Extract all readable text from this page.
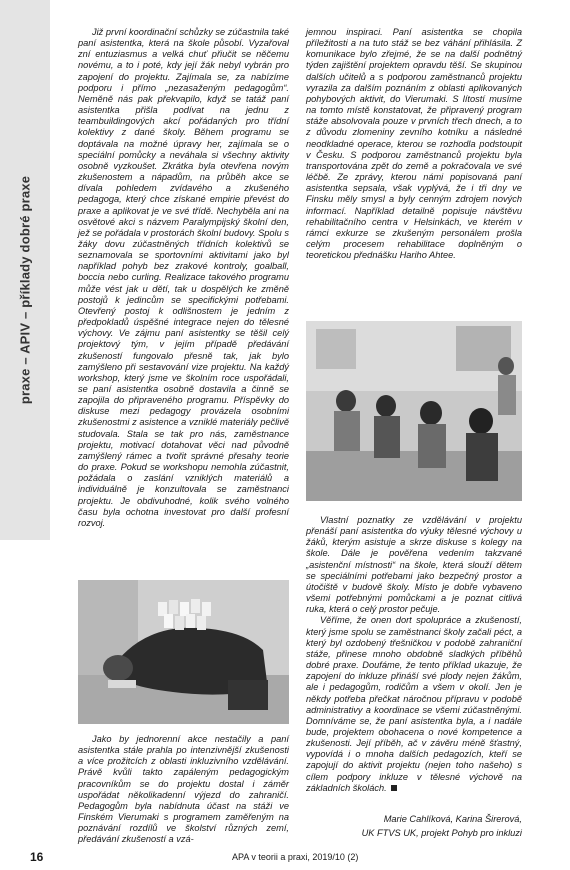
praxe – APIV – příklady dobré praxe

Již první koordinační schůzky se zúčastnila také paní asistentka, která na škole působí. Vyzařoval zní entuziasmus a velká chuť přiučit se něčemu novému, a to i poté, kdy její žák nebyl vybrán pro zapojení do projektu. Zajímala se, za nabízíme podporu i přímo „nezasaženým pedagogům“. Neměně nás pak překvapilo, když se tatáž paní asistentka přišla podívat na jednu z teambuildingových akcí pořádaných pro třídní kolektivy z dané školy. Během programu se doptávala na možné úpravy her, zajímala se o speciální pomůcky a neváhala si všechny aktivity osobně vyzkoušet. Zkrátka byla otevřena novým zkušenostem a nápadům, na průběh akce se dívala pohledem zvídavého a zkušeného pedagoga, který chce získané empirie převést do praxe a aplikovat je ve své třídě. Nechyběla ani na osvětové akci s názvem Paralympijský školní den, jež se pořádala v prostorách školní budovy. Spolu s žáky dovu zúčastněných třídních kolektivů se seznamovala se sportovními aktivitami jako byl například pohyb bez zrakové kontroly, goalball, boccia nebo curling. Realizace takového programu může vést jak u dětí, tak u dospělých ke změně postojů k jedincům se specifickými potřebami. Otevřený postoj k odlišnostem je jedním z předpokladů úspěšné integrace nejen do tělesné výchovy. Ve zájmu paní asistentky se těšil celý projektový tým, v jejím případě předávání zkušeností fungovalo přesně tak, jak bylo zamýšleno při sestavování vize projektu. Na každý workshop, který jsme ve školním roce uspořádali, se paní asistentka osobně dostavila a činně se zapojila do připraveného programu. Příspěvky do diskuse mezi pedagogy provázela osobními zkušenostmi z asistence a vzniklé materiály pečlivě studovala. Stala se tak pro nás, zaměstnance projektu, motivací dotahovat věci nad původně zamýšlený rámec a tvořit správné přesahy teorie do praxe. Pokud se workshopu nemohla zúčastnit, požádala o zaslání vzniklých materiálů a individuálně je konzultovala se zaměstnanci projektu. Je obdivuhodné, kolik svého volného času byla ochotna investovat pro další profesní rozvoj.

Jako by jednorenní akce nestačily a paní asistentka stále prahla po intenzivnější zkušenosti a více prožitcích z oblasti inkluzivního vzdělávání. Právě kvůli takto zapáleným pedagogickým pracovníkům se do projektu dostal i záměr uspořádat několikadenní výjezd do zahraničí. Pedagogům byla nabídnuta účast na stáži ve Finském Vierumaki s programem zaměřeným na poznávání rozdílů ve školství různých zemí, předávání zkušeností a vzá-

jemnou inspiraci. Paní asistentka se chopila příležitosti a na tuto stáž se bez váhání přihlásila. Z komunikace bylo zřejmé, že se na další podnětný týden zajištění projektem opravdu těší. Se skupinou dalších učitelů a s podporou zaměstnanců projektu vyrazila za dalším poznáním z oblasti aplikovaných pohybových aktivit, do Vierumaki. S lítostí musíme na tomto místě konstatovat, že připravený program stáže absolvovala pouze v prvních třech dnech, a to z důvodu zlomeniny zevního kotníku a následné neodkladné operace, kterou se rozhodla podstoupit v Česku. S podporou zaměstnanců projektu byla transportována zpět do země a pokračovala ve své léčbě. Ze zprávy, kterou námi popisovaná paní asistentka sepsala, však vyplývá, že i tři dny ve Finsku měly smysl a byly cenným zdrojem nových informací. Například detailně popisuje návštěvu rehabilitačního centra v Helsinkách, ve kterém v rámci exkurze se zkušeným personálem prošla celým procesem rehabilitace doplněným o teoretickou přednášku Hariho Ahtee.

Vlastní poznatky ze vzdělávání v projektu přenáší paní asistentka do výuky tělesné výchovy u žáků, kterým asistuje a skrze diskuse s kolegy na škole. Dále je pověřena vedením takzvané „asistenční místnosti“ na škole, která slouží dětem se speciálními potřebami jako bezpečný prostor a útočiště v budově školy. Místo je dobře vybaveno všemi potřebnými pomůckami a je poznat citlivá ruka, která o celý prostor pečuje.

Věříme, že onen dort spolupráce a zkušeností, který jsme spolu se zaměstnanci školy začali péct, a který byl ozdobený třešničkou v podobě zahraniční stáže, přinese mnoho obdobně sladkých příběhů dobré praxe. Doufáme, že tento příklad ukazuje, že zapojení do inkluze přináší své plody nejen žákům, ale i pedagogům, rodičům a všem v okolí. Jen je někdy potřeba přečkat náročnou přípravu v podobě administrativy a koordinace se všemi zúčastněnými. Domníváme se, že paní asistentka byla, a i nadále bude, projektem obohacena o nové kompetence a zkušenosti. Její příběh, ač v závěru méně šťastný, vypovídá i o mnoha dalších pedagozích, kteří se zapojují do aktivit projektu (nejen toho našeho) s cílem podpory inkluze v tělesné výchově na základních školách.

Marie Cahlíková, Karina Širerová,
UK FTVS UK, projekt Pohyb pro inkluzi
16	APA v teorii a praxi, 2019/10 (2)
